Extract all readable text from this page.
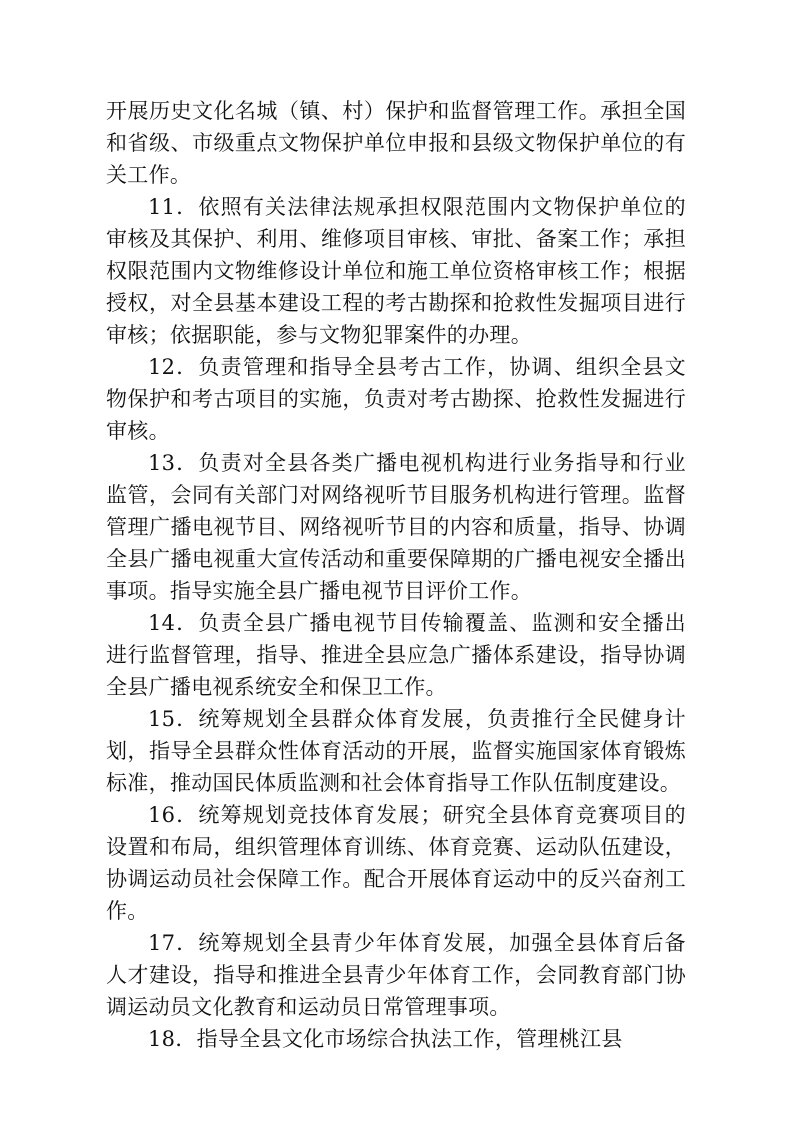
开展历史文化名城（镇、村）保护和监督管理工作。承担全国和省级、市级重点文物保护单位申报和县级文物保护单位的有关工作。

11．依照有关法律法规承担权限范围内文物保护单位的审核及其保护、利用、维修项目审核、审批、备案工作；承担权限范围内文物维修设计单位和施工单位资格审核工作；根据授权，对全县基本建设工程的考古勘探和抢救性发掘项目进行审核；依据职能，参与文物犯罪案件的办理。

12．负责管理和指导全县考古工作，协调、组织全县文物保护和考古项目的实施，负责对考古勘探、抢救性发掘进行审核。

13．负责对全县各类广播电视机构进行业务指导和行业监管，会同有关部门对网络视听节目服务机构进行管理。监督管理广播电视节目、网络视听节目的内容和质量，指导、协调全县广播电视重大宣传活动和重要保障期的广播电视安全播出事项。指导实施全县广播电视节目评价工作。

14．负责全县广播电视节目传输覆盖、监测和安全播出进行监督管理，指导、推进全县应急广播体系建设，指导协调全县广播电视系统安全和保卫工作。

15．统筹规划全县群众体育发展，负责推行全民健身计划，指导全县群众性体育活动的开展，监督实施国家体育锻炼标准，推动国民体质监测和社会体育指导工作队伍制度建设。

16．统筹规划竞技体育发展；研究全县体育竞赛项目的设置和布局，组织管理体育训练、体育竞赛、运动队伍建设，协调运动员社会保障工作。配合开展体育运动中的反兴奋剂工作。

17．统筹规划全县青少年体育发展，加强全县体育后备人才建设，指导和推进全县青少年体育工作，会同教育部门协调运动员文化教育和运动员日常管理事项。

18．指导全县文化市场综合执法工作，管理桃江县
